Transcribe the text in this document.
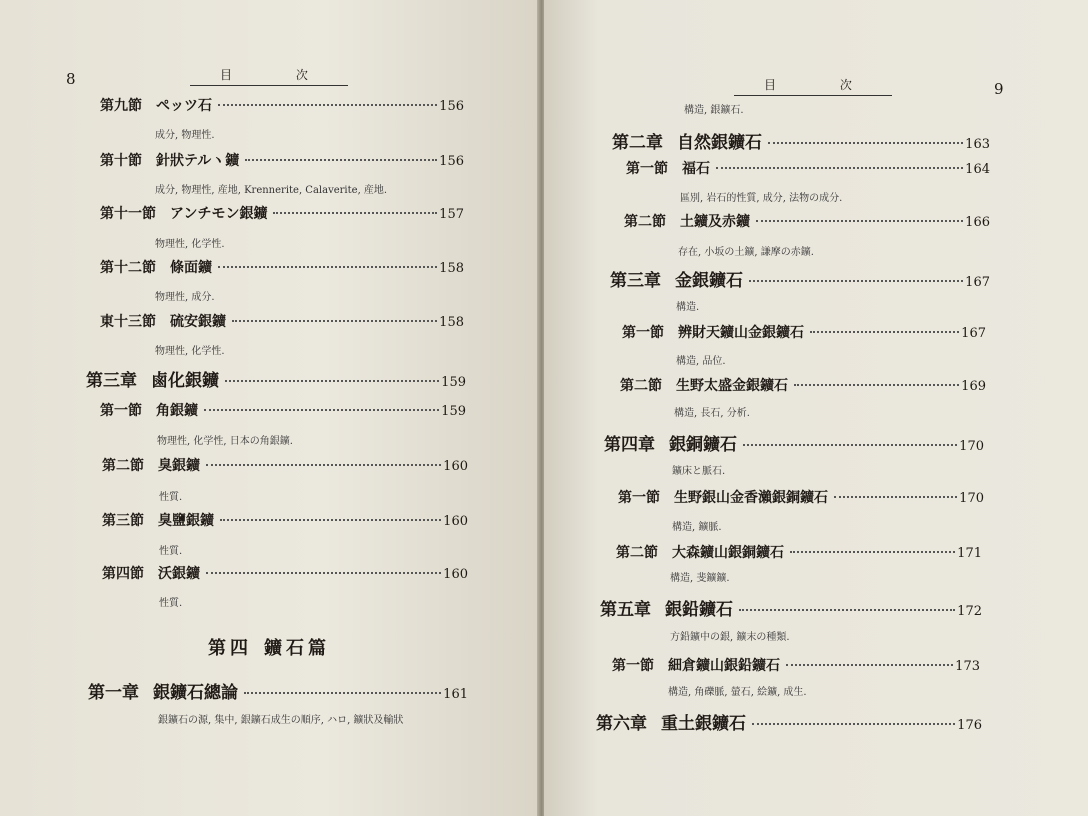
8	目 次
第九節 ペッツ石	156
成分, 物理性.
第十節 針狀テルヽ鑛	156
成分, 物理性, 産地, Krennerite, Calaverite, 産地.
第十一節 アンチモン銀鑛	157
物理性, 化学性.
第十二節 條面鑛	158
物理性, 成分.
東十三節 硫安銀鑛	158
物理性, 化学性.
第三章 鹵化銀鑛	159
第一節 角銀鑛	159
物理性, 化学性, 日本の角銀鑛.
第二節 臭銀鑛	160
性質.
第三節 臭鹽銀鑛	160
性質.
第四節 沃銀鑛	160
性質.
第四 鑛石篇
第一章 銀鑛石總論	161
銀鑛石の源, 集中, 銀鑛石成生の順序, ハロ, 鑛狀及輸狀
目 次	9
構造, 銀鑛石.
第二章 自然銀鑛石	163
第一節 福石	164
區別, 岩石的性質, 成分, 法物の成分.
第二節 土鑛及赤鑛	166
存在, 小坂の土鑛, 謙摩の赤鑛.
第三章 金銀鑛石	167
構造.
第一節 辨財天鑛山金銀鑛石	167
構造, 品位.
第二節 生野太盛金銀鑛石	169
構造, 長石, 分析.
第四章 銀銅鑛石	170
鑛床と脈石.
第一節 生野銀山金香瀨銀銅鑛石	170
構造, 鑛脈.
第二節 大森鑛山銀銅鑛石	171
構造, 斐鑛鑛.
第五章 銀鉛鑛石	172
方鉛鑛中の銀, 鑛末の種類.
第一節 細倉鑛山銀鉛鑛石	173
構造, 角礫脈, 螢石, 絵鑛, 成生.
第六章 重土銀鑛石	176
